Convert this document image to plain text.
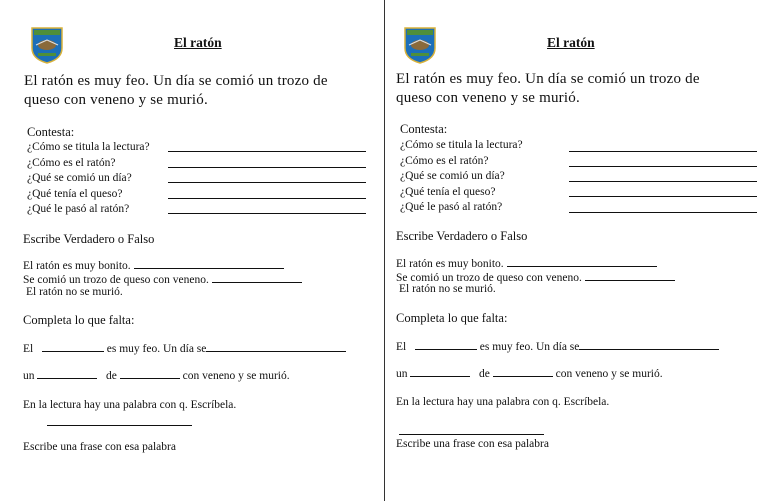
El ratón
El ratón es muy feo. Un día se comió un trozo de queso con veneno y se murió.
Contesta:
¿Cómo se titula la lectura?
¿Cómo es el ratón?
¿Qué se comió un día?
¿Qué tenía el queso?
¿Qué le pasó al ratón?
Escribe Verdadero o Falso
El ratón es muy bonito.
Se comió un trozo de queso con veneno.
El ratón no se murió.
Completa lo que falta:
El	es muy feo. Un día se
un	de	con veneno y se murió.
En la lectura hay una palabra con q. Escríbela.
Escribe una frase con esa palabra
El ratón
El ratón es muy feo. Un día se comió un trozo de queso con veneno y se murió.
Contesta:
¿Cómo se titula la lectura?
¿Cómo es el ratón?
¿Qué se comió un día?
¿Qué tenía el queso?
¿Qué le pasó al ratón?
Escribe Verdadero o Falso
El ratón es muy bonito.
Se comió un trozo de queso con veneno.
El ratón no se murió.
Completa lo que falta:
El	es muy feo. Un día se
un	de	con veneno y se murió.
En la lectura hay una palabra con q. Escríbela.
Escribe una frase con esa palabra
